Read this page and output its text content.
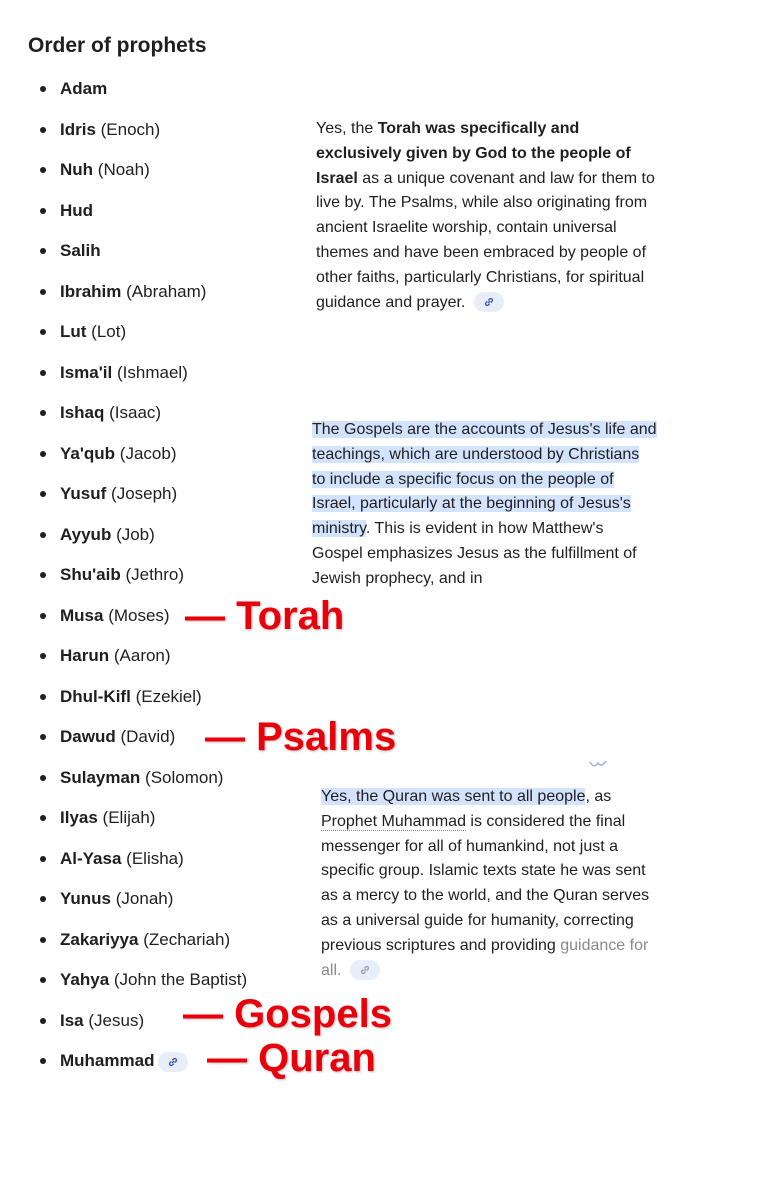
Order of prophets
Adam
Idris (Enoch)
Nuh (Noah)
Hud
Salih
Ibrahim (Abraham)
Lut (Lot)
Isma'il (Ishmael)
Ishaq (Isaac)
Ya'qub (Jacob)
Yusuf (Joseph)
Ayyub (Job)
Shu'aib (Jethro)
Musa (Moses)
Harun (Aaron)
Dhul-Kifl (Ezekiel)
Dawud (David)
Sulayman (Solomon)
Ilyas (Elijah)
Al-Yasa (Elisha)
Yunus (Jonah)
Zakariyya (Zechariah)
Yahya (John the Baptist)
Isa (Jesus)
Muhammad
Yes, the Torah was specifically and exclusively given by God to the people of Israel as a unique covenant and law for them to live by. The Psalms, while also originating from ancient Israelite worship, contain universal themes and have been embraced by people of other faiths, particularly Christians, for spiritual guidance and prayer.
The Gospels are the accounts of Jesus's life and teachings, which are understood by Christians to include a specific focus on the people of Israel, particularly at the beginning of Jesus's ministry. This is evident in how Matthew's Gospel emphasizes Jesus as the fulfillment of Jewish prophecy, and in
Yes, the Quran was sent to all people, as Prophet Muhammad is considered the final messenger for all of humankind, not just a specific group. Islamic texts state he was sent as a mercy to the world, and the Quran serves as a universal guide for humanity, correcting previous scriptures and providing guidance for all.
— Torah
— Psalms
— Gospels
— Quran
